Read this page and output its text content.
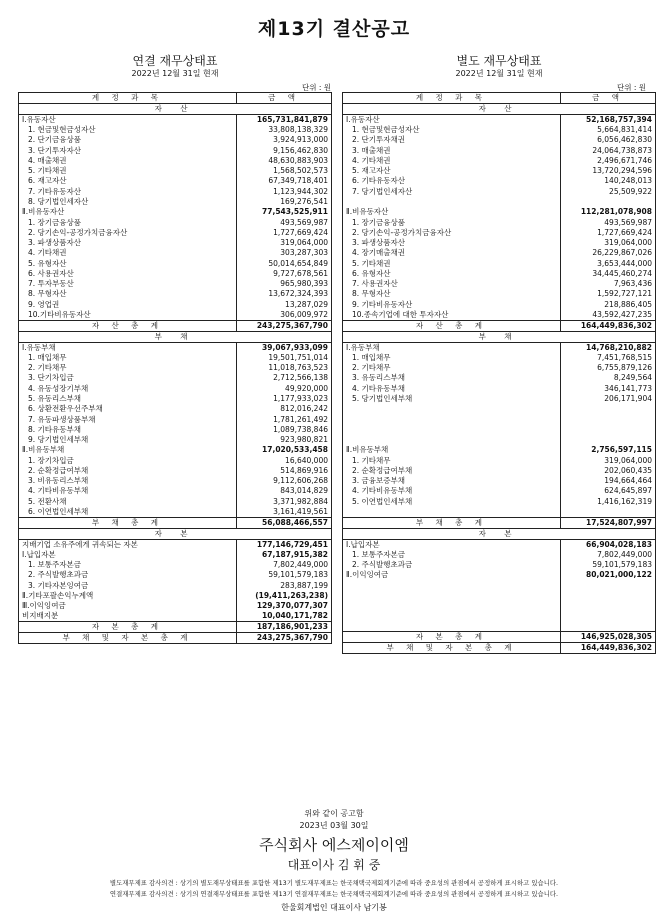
제13기 결산공고
연결 재무상태표
2022년 12월 31일 현재
단위 : 원
별도 재무상태표
2022년 12월 31일 현재
단위 : 원
계 정 과 목	금 액
자 산	
Ⅰ.유동자산	165,731,841,879
1. 현금및현금성자산	33,808,138,329
2. 단기금융상품	3,924,913,000
3. 단기투자자산	9,156,462,830
4. 매출채권	48,630,883,903
5. 기타채권	1,568,502,573
6. 재고자산	67,349,718,401
7. 기타유동자산	1,123,944,302
8. 당기법인세자산	169,276,541
Ⅱ.비유동자산	77,543,525,911
1. 장기금융상품	493,569,987
2. 당기손익-공정가치금융자산	1,727,669,424
3. 파생상품자산	319,064,000
4. 기타채권	303,287,303
5. 유형자산	50,014,654,849
6. 사용권자산	9,727,678,561
7. 투자부동산	965,980,393
8. 무형자산	13,672,324,393
9. 영업권	13,287,029
10.기타비유동자산	306,009,972
자 산 총 계	243,275,367,790
부 채	
Ⅰ.유동부채	39,067,933,099
1. 매입채무	19,501,751,014
2. 기타채무	11,018,763,523
3. 단기차입금	2,712,566,138
4. 유동성장기부채	49,920,000
5. 유동리스부채	1,177,933,023
6. 상환전환우선주부채	812,016,242
7. 유동파생상품부채	1,781,261,492
8. 기타유동부채	1,089,738,846
9. 당기법인세부채	923,980,821
Ⅱ.비유동부채	17,020,533,458
1. 장기차입금	16,640,000
2. 순확정급여부채	514,869,916
3. 비유동리스부채	9,112,606,268
4. 기타비유동부채	843,014,829
5. 전환사채	3,371,982,884
6. 이연법인세부채	3,161,419,561
부 채 총 계	56,088,466,557
자 본	
지배기업 소유주에게 귀속되는 자본	177,146,729,451
Ⅰ.납입자본	67,187,915,382
1. 보통주자본금	7,802,449,000
2. 주식발행초과금	59,101,579,183
3. 기타자본잉여금	283,887,199
Ⅱ.기타포괄손익누계액	(19,411,263,238)
Ⅲ.이익잉여금	129,370,077,307
비지배지분	10,040,171,782
자 본 총 계	187,186,901,233
부 채 및 자 본 총 계	243,275,367,790
계 정 과 목	금 액
자 산	
Ⅰ.유동자산	52,168,757,394
1. 현금및현금성자산	5,664,831,414
2. 단기투자채권	6,056,462,830
3. 매출채권	24,064,738,873
4. 기타채권	2,496,671,746
5. 재고자산	13,720,294,596
6. 기타유동자산	140,248,013
7. 당기법인세자산	25,509,922

Ⅱ.비유동자산	112,281,078,908
1. 장기금융상품	493,569,987
2. 당기손익-공정가치금융자산	1,727,669,424
3. 파생상품자산	319,064,000
4. 장기매출채권	26,229,867,026
5. 기타채권	3,653,444,000
6. 유형자산	34,445,460,274
7. 사용권자산	7,963,436
8. 무형자산	1,592,727,121
9. 기타비유동자산	218,886,405
10.종속기업에 대한 투자자산	43,592,427,235
자 산 총 계	164,449,836,302
부 채	
Ⅰ.유동부채	14,768,210,882
1. 매입채무	7,451,768,515
2. 기타채무	6,755,879,126
3. 유동리스부채	8,249,564
4. 기타유동부채	346,141,773
5. 당기법인세부채	206,171,904

Ⅱ.비유동부채	2,756,597,115
1. 기타채무	319,064,000
2. 순확정급여부채	202,060,435
3. 금융보증부채	194,664,464
4. 기타비유동부채	624,645,897
5. 이연법인세부채	1,416,162,319

부 채 총 계	17,524,807,997
자 본	
Ⅰ.납입자본	66,904,028,183
1. 보통주자본금	7,802,449,000
2. 주식발행초과금	59,101,579,183
Ⅱ.이익잉여금	80,021,000,122

자 본 총 계	146,925,028,305
부 채 및 자 본 총 계	164,449,836,302
위와 같이 공고함
2023년 03월 30일
주식회사 에스제이이엠
대표이사 김 휘 중
별도재무제표 감사의견 : 상기의 별도재무상태표를 포함한 제13기 별도재무제표는 한국채택국제회계기준에 따라 중요성의 관점에서 공정하게 표시하고 있습니다.
연결재무제표 감사의견 : 상기의 연결재무상태표를 포함한 제13기 연결재무제표는 한국채택국제회계기준에 따라 중요성의 관점에서 공정하게 표시하고 있습니다.
한울회계법인 대표이사 남기봉
